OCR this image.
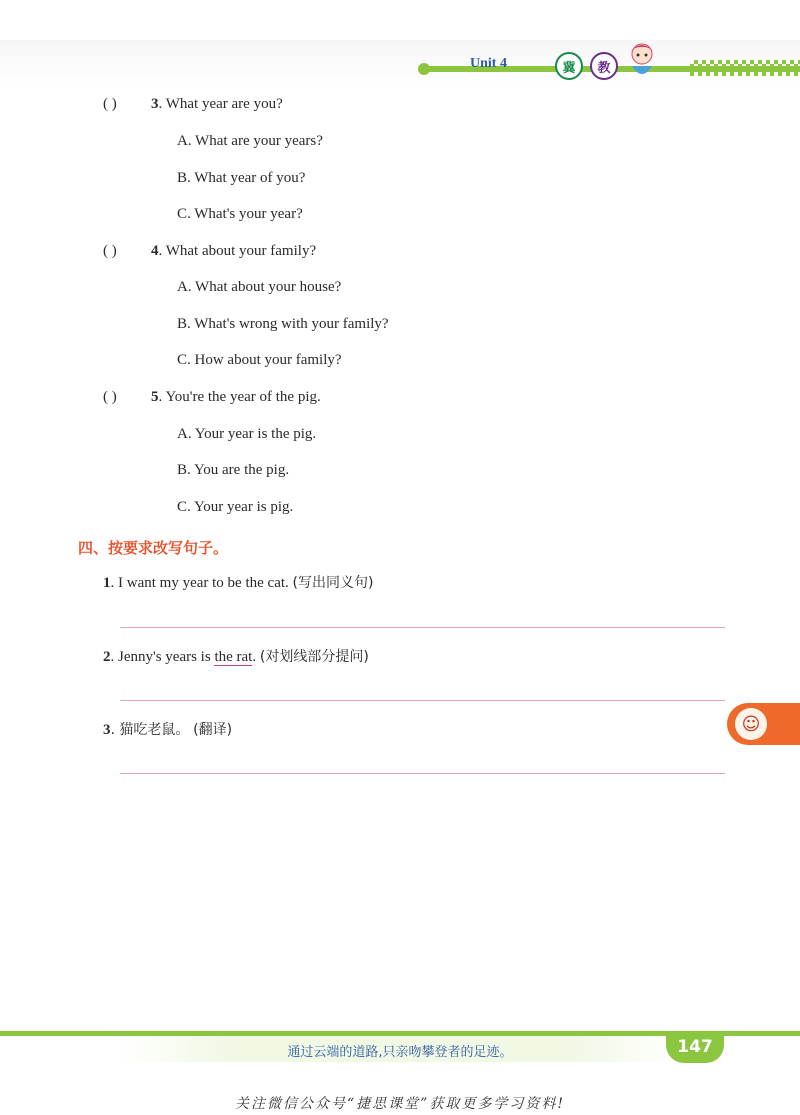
Unit 4	冀	教
( ) 3. What year are you?
A. What are your years?
B. What year of you?
C. What's your year?
( ) 4. What about your family?
A. What about your house?
B. What's wrong with your family?
C. How about your family?
( ) 5. You're the year of the pig.
A. Your year is the pig.
B. You are the pig.
C. Your year is pig.
四、按要求改写句子。
1. I want my year to be the cat. (写出同义句)
2. Jenny's years is the rat. (对划线部分提问)
3. 猫吃老鼠。 (翻译)	☺
通过云端的道路,只亲吻攀登者的足迹。	147
关注微信公众号“捷思课堂”获取更多学习资料!
